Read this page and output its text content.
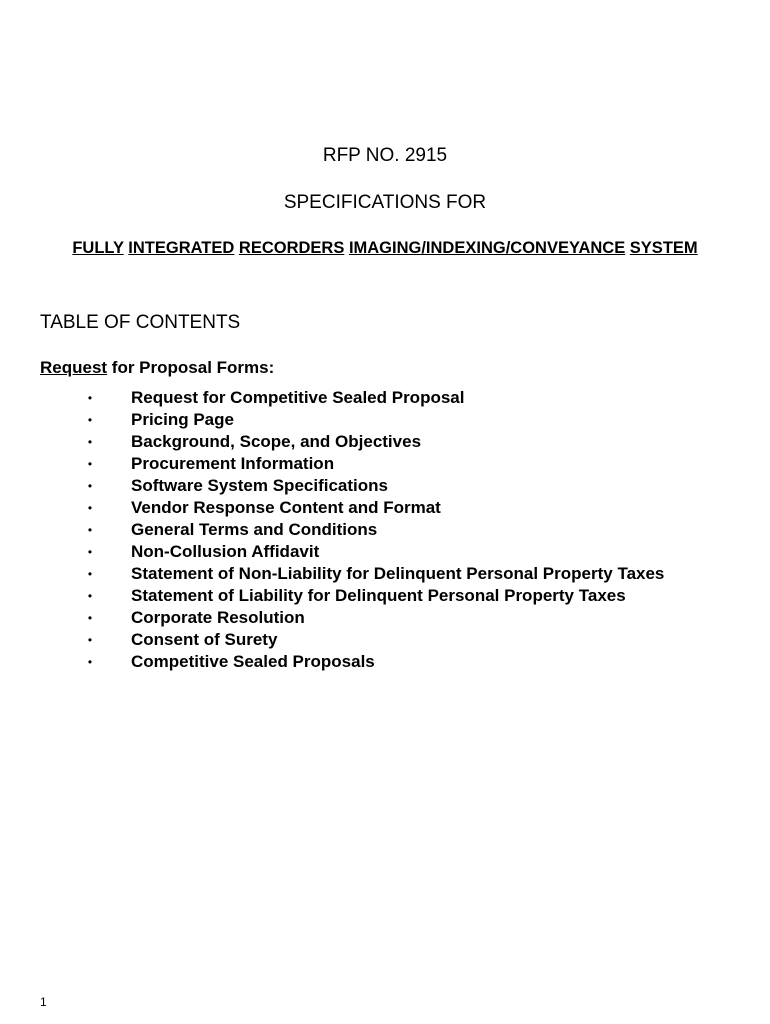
RFP NO. 2915
SPECIFICATIONS FOR
FULLY INTEGRATED RECORDERS IMAGING/INDEXING/CONVEYANCE SYSTEM
TABLE OF CONTENTS
Request for Proposal Forms:
• Request for Competitive Sealed Proposal
• Pricing Page
• Background, Scope, and Objectives
• Procurement Information
• Software System Specifications
• Vendor Response Content and Format
• General Terms and Conditions
• Non-Collusion Affidavit
• Statement of Non-Liability for Delinquent Personal Property Taxes
• Statement of Liability for Delinquent Personal Property Taxes
• Corporate Resolution
• Consent of Surety
• Competitive Sealed Proposals
1
